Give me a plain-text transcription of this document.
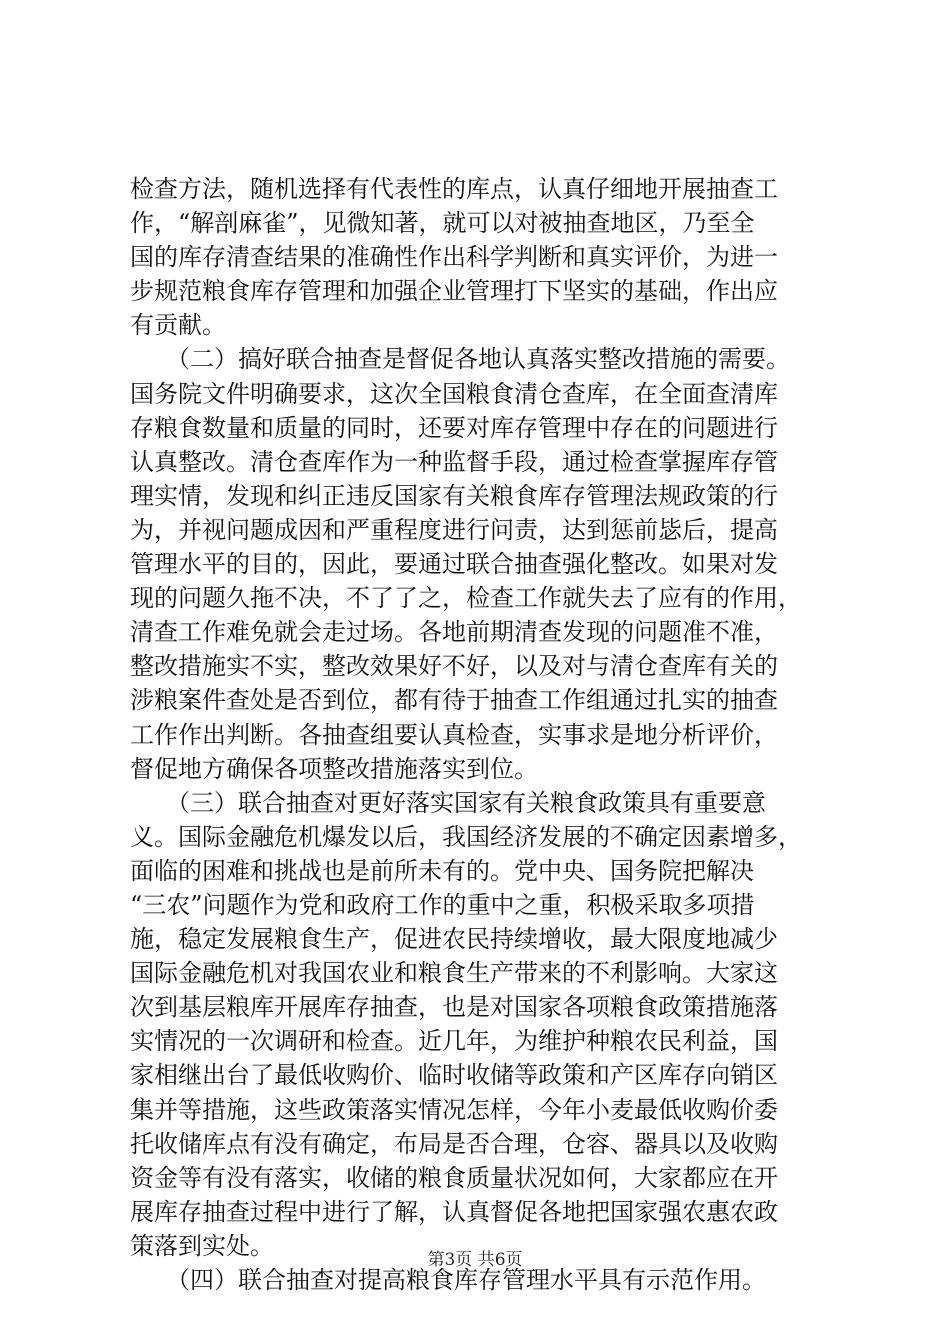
检查方法，随机选择有代表性的库点，认真仔细地开展抽查工
作，“解剖麻雀”，见微知著，就可以对被抽查地区，乃至全
国的库存清查结果的准确性作出科学判断和真实评价，为进一
步规范粮食库存管理和加强企业管理打下坚实的基础，作出应
有贡献。
　　（二）搞好联合抽查是督促各地认真落实整改措施的需要。
国务院文件明确要求，这次全国粮食清仓查库，在全面查清库
存粮食数量和质量的同时，还要对库存管理中存在的问题进行
认真整改。清仓查库作为一种监督手段，通过检查掌握库存管
理实情，发现和纠正违反国家有关粮食库存管理法规政策的行
为，并视问题成因和严重程度进行问责，达到惩前毖后，提高
管理水平的目的，因此，要通过联合抽查强化整改。如果对发
现的问题久拖不决，不了了之，检查工作就失去了应有的作用，
清查工作难免就会走过场。各地前期清查发现的问题准不准，
整改措施实不实，整改效果好不好，以及对与清仓查库有关的
涉粮案件查处是否到位，都有待于抽查工作组通过扎实的抽查
工作作出判断。各抽查组要认真检查，实事求是地分析评价，
督促地方确保各项整改措施落实到位。
　　（三）联合抽查对更好落实国家有关粮食政策具有重要意
义。国际金融危机爆发以后，我国经济发展的不确定因素增多，
面临的困难和挑战也是前所未有的。党中央、国务院把解决
“三农”问题作为党和政府工作的重中之重，积极采取多项措
施，稳定发展粮食生产，促进农民持续增收，最大限度地减少
国际金融危机对我国农业和粮食生产带来的不利影响。大家这
次到基层粮库开展库存抽查，也是对国家各项粮食政策措施落
实情况的一次调研和检查。近几年，为维护种粮农民利益，国
家相继出台了最低收购价、临时收储等政策和产区库存向销区
集并等措施，这些政策落实情况怎样，今年小麦最低收购价委
托收储库点有没有确定，布局是否合理，仓容、器具以及收购
资金等有没有落实，收储的粮食质量状况如何，大家都应在开
展库存抽查过程中进行了解，认真督促各地把国家强农惠农政
策落到实处。
　　（四）联合抽查对提高粮食库存管理水平具有示范作用。
第3页 共6页
